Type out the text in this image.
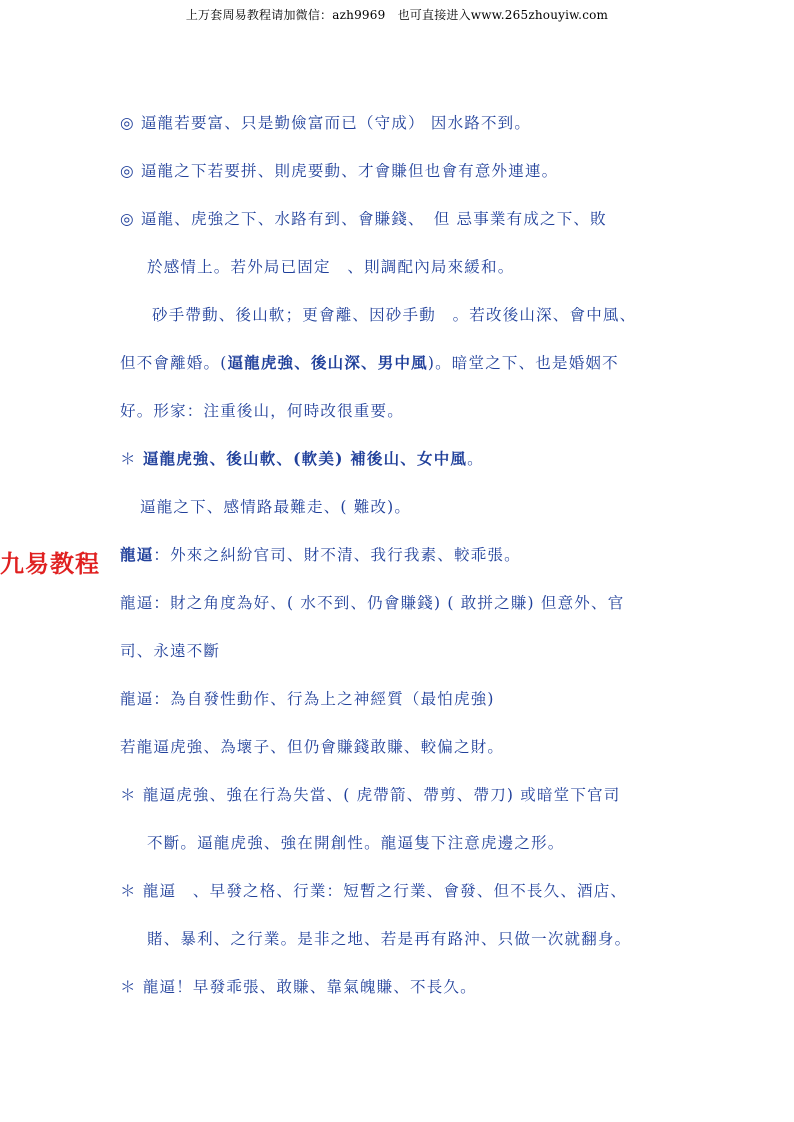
上万套周易教程请加微信：azh9969　也可直接进入www.265zhouyiw.com
九易教程
◎ 逼龍若要富、只是勤儉富而已（守成） 因水路不到。
◎ 逼龍之下若要拼、則虎要動、才會賺但也會有意外連連。
◎ 逼龍、虎強之下、水路有到、會賺錢、　但 忌事業有成之下、敗
於感情上。若外局已固定　、則調配內局來緩和。
砂手帶動、後山軟；更會離、因砂手動　。若改後山深、會中風、
但不會離婚。(逼龍虎強、後山深、男中風)。暗堂之下、也是婚姻不
好。形家：注重後山，何時改很重要。
＊ 逼龍虎強、後山軟、(軟美) 補後山、女中風。
逼龍之下、感情路最難走、( 難改)。
龍逼：外來之糾紛官司、財不清、我行我素、較乖張。
龍逼：財之角度為好、( 水不到、仍會賺錢) ( 敢拼之賺) 但意外、官
司、永遠不斷
龍逼：為自發性動作、行為上之神經質（最怕虎強)
若龍逼虎強、為壞子、但仍會賺錢敢賺、較偏之財。
＊ 龍逼虎強、強在行為失當、( 虎帶箭、帶剪、帶刀) 或暗堂下官司
不斷。逼龍虎強、強在開創性。龍逼隻下注意虎邊之形。
＊ 龍逼　、早發之格、行業：短暫之行業、會發、但不長久、酒店、
賭、暴利、之行業。是非之地、若是再有路沖、只做一次就翻身。
＊ 龍逼！早發乖張、敢賺、靠氣魄賺、不長久。
